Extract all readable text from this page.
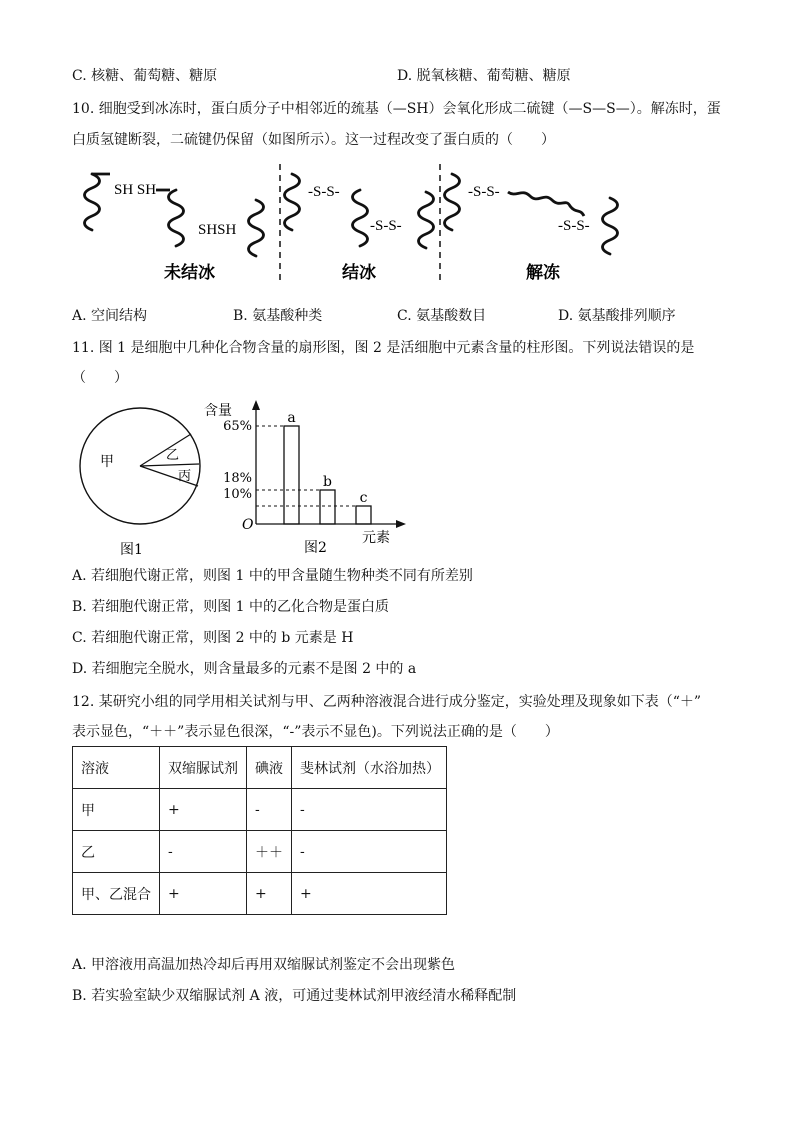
C. 核糖、葡萄糖、糖原	D. 脱氧核糖、葡萄糖、糖原
10. 细胞受到冰冻时，蛋白质分子中相邻近的巯基（—SH）会氧化形成二硫键（—S—S—）。解冻时，蛋
白质氢键断裂，二硫键仍保留（如图所示）。这一过程改变了蛋白质的（　　）
SH SH
SHSH
未结冰
-S-S-
-S-S-
结冰
-S-S-
-S-S-
解冻
A. 空间结构	B. 氨基酸种类	C. 氨基酸数目	D. 氨基酸排列顺序
11. 图 1 是细胞中几种化合物含量的扇形图，图 2 是活细胞中元素含量的柱形图。下列说法错误的是
（　　）
甲	乙
丙
图1
含量
O
元素
图2
a
65%
b
18%
c
10%
A. 若细胞代谢正常，则图 1 中的甲含量随生物种类不同有所差别
B. 若细胞代谢正常，则图 1 中的乙化合物是蛋白质
C. 若细胞代谢正常，则图 2 中的 b 元素是 H
D. 若细胞完全脱水，则含量最多的元素不是图 2 中的 a
12. 某研究小组的同学用相关试剂与甲、乙两种溶液混合进行成分鉴定，实验处理及现象如下表（“＋”
表示显色，“＋＋”表示显色很深，“-”表示不显色)。下列说法正确的是（　　）
溶液	双缩脲试剂	碘液	斐林试剂（水浴加热）
甲	+	-	-
乙	-	＋＋	-
甲、乙混合	+	+	+
A. 甲溶液用高温加热冷却后再用双缩脲试剂鉴定不会出现紫色
B. 若实验室缺少双缩脲试剂 A 液，可通过斐林试剂甲液经清水稀释配制
